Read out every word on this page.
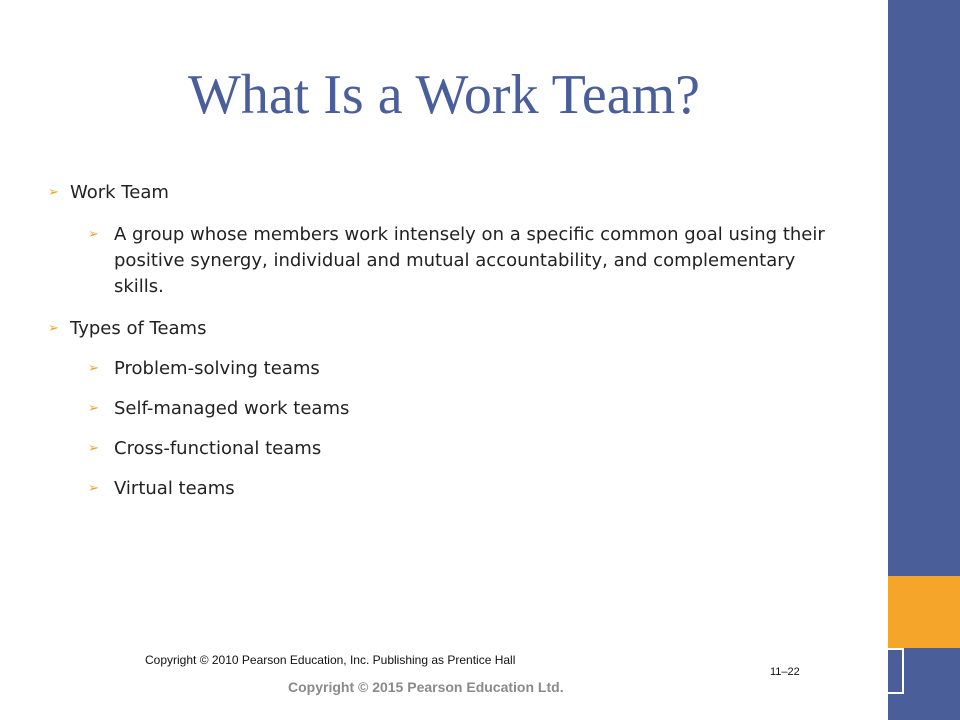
What Is a Work Team?
➢ Work Team
➢ A group whose members work intensely on a specific common goal using their positive synergy, individual and mutual accountability, and complementary skills.
➢ Types of Teams
➢ Problem-solving teams
➢ Self-managed work teams
➢ Cross-functional teams
➢ Virtual teams
Copyright © 2010 Pearson Education, Inc. Publishing as Prentice Hall
11–22
Copyright © 2015 Pearson Education Ltd.
